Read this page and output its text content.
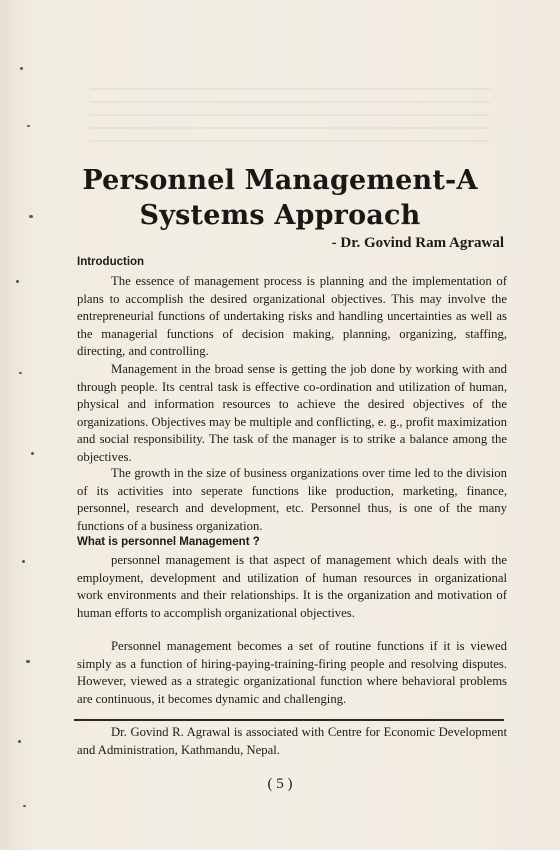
Personnel Management-A
Systems Approach
- Dr. Govind Ram Agrawal
Introduction

The essence of management process is planning and the implementation of plans to accomplish the desired organizational objectives. This may involve the entrepreneurial functions of undertaking risks and handling uncertainties as well as the managerial functions of decision making, planning, organizing, staffing, directing, and controlling.

Management in the broad sense is getting the job done by working with and through people. Its central task is effective co-ordination and utilization of human, physical and information resources to achieve the desired objectives of the organizations. Objectives may be multiple and conflicting, e. g., profit maximization and social responsibility. The task of the manager is to strike a balance among the objectives.

The growth in the size of business organizations over time led to the division of its activities into seperate functions like production, marketing, finance, personnel, research and development, etc. Personnel thus, is one of the many functions of a business organization.

What is personnel Management ?

personnel management is that aspect of management which deals with the employment, development and utilization of human resources in organizational work environments and their relationships. It is the organization and motivation of human efforts to accomplish organizational objectives.

Personnel management becomes a set of routine functions if it is viewed simply as a function of hiring-paying-training-firing people and resolving disputes. However, viewed as a strategic organizational function where behavioral problems are continuous, it becomes dynamic and challenging.

Dr. Govind R. Agrawal is associated with Centre for Economic Development and Administration, Kathmandu, Nepal.

( 5 )
